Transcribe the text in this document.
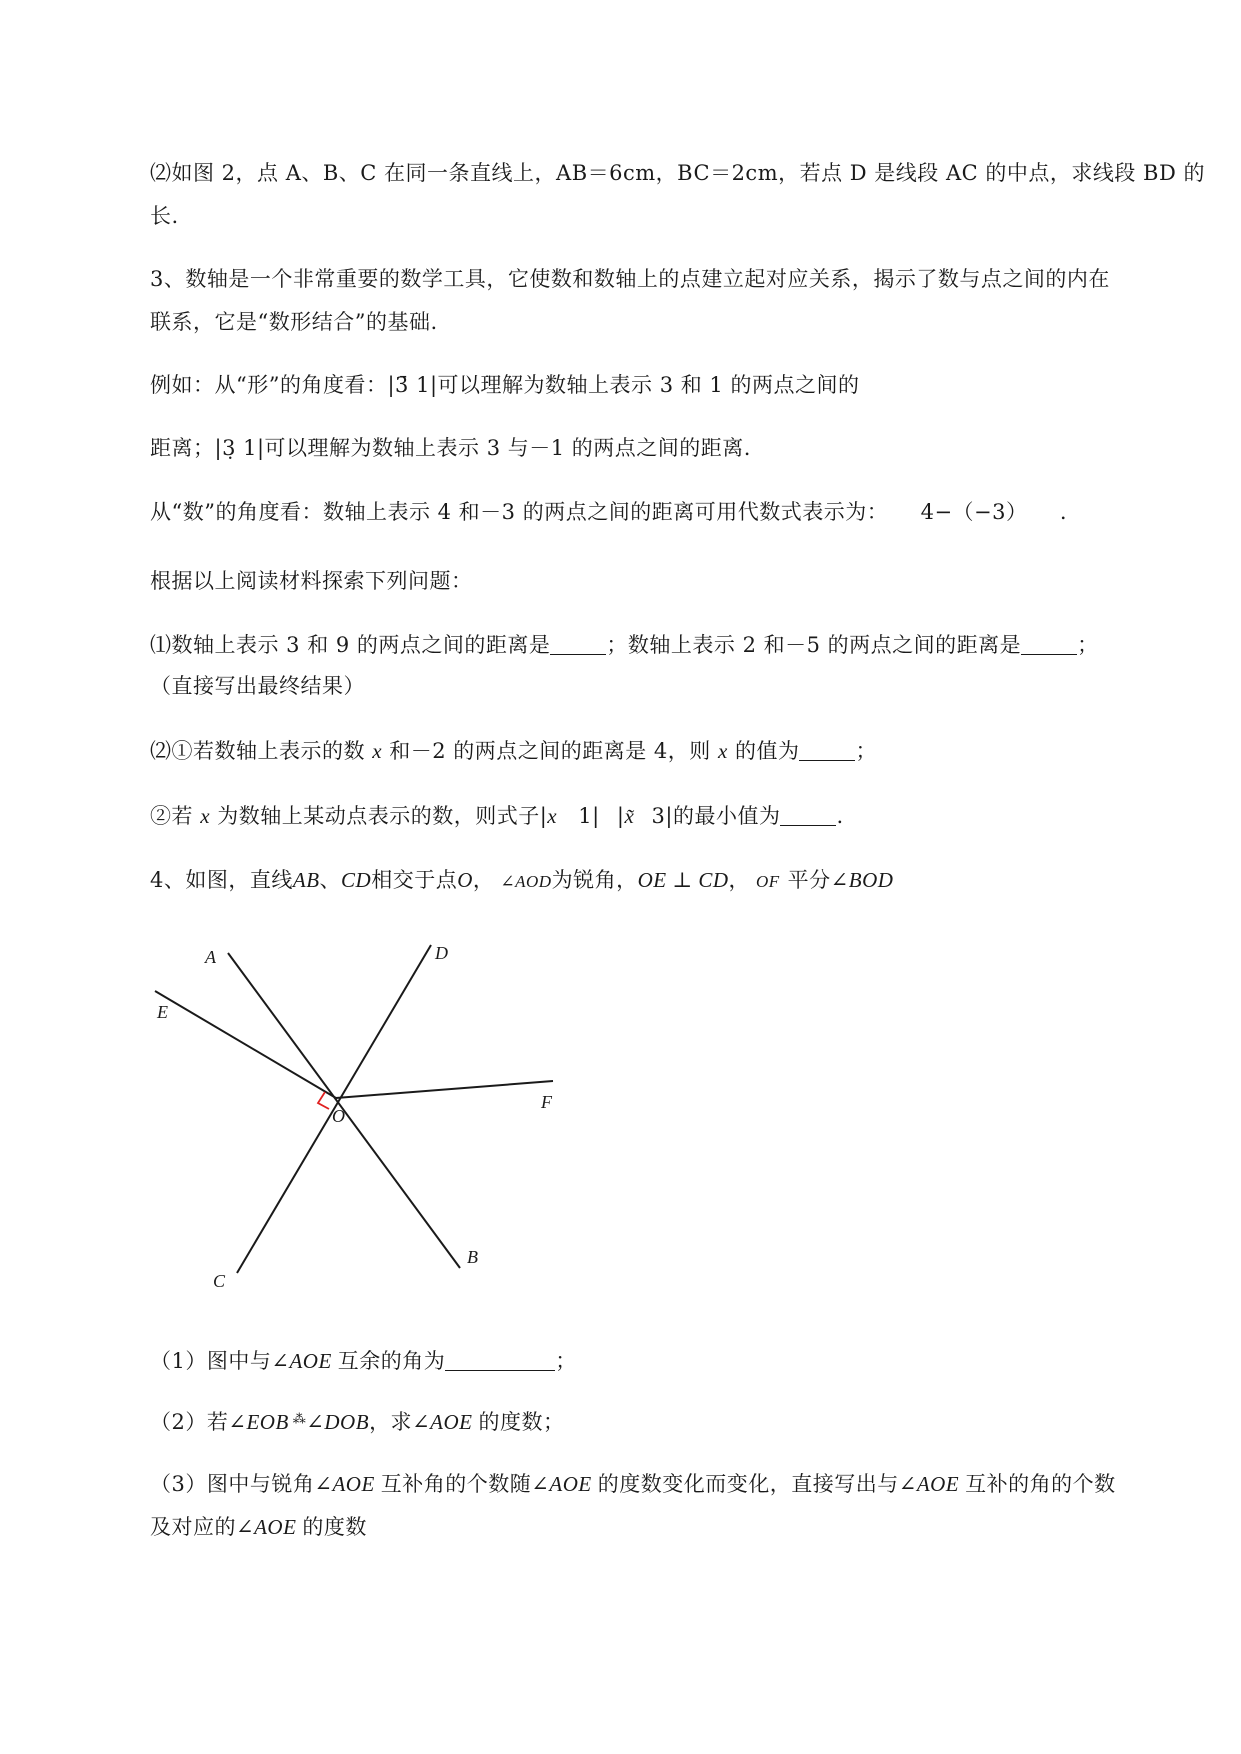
⑵如图 2，点 A、B、C 在同一条直线上，AB＝6cm，BC＝2cm，若点 D 是线段 AC 的中点，求线段 BD 的
长.
3、数轴是一个非常重要的数学工具，它使数和数轴上的点建立起对应关系，揭示了数与点之间的内在
联系，它是“数形结合”的基础.
例如：从“形”的角度看：|3̄ 1|可以理解为数轴上表示 3 和 1 的两点之间的
距离；|3̣ 1|可以理解为数轴上表示 3 与－1 的两点之间的距离.
从“数”的角度看：数轴上表示 4 和－3 的两点之间的距离可用代数式表示为： 4−（−3） .
根据以上阅读材料探索下列问题：
⑴数轴上表示 3 和 9 的两点之间的距离是	；数轴上表示 2 和－5 的两点之间的距离是	；
（直接写出最终结果）
⑵①若数轴上表示的数 x 和－2 的两点之间的距离是 4，则 x 的值为	；
②若 x 为数轴上某动点表示的数，则式子|x 1| |x̃ 3|的最小值为	.
4、如图，直线AB、CD相交于点O， ∠AOD为锐角，OE ⊥ CD， OF 平分∠BOD
A	D
E
F
O
C
B
（1）图中与∠AOE 互余的角为	；
（2）若∠EOB ⁂∠DOB，求∠AOE 的度数；
（3）图中与锐角∠AOE 互补角的个数随∠AOE 的度数变化而变化，直接写出与∠AOE 互补的角的个数
及对应的∠AOE 的度数
